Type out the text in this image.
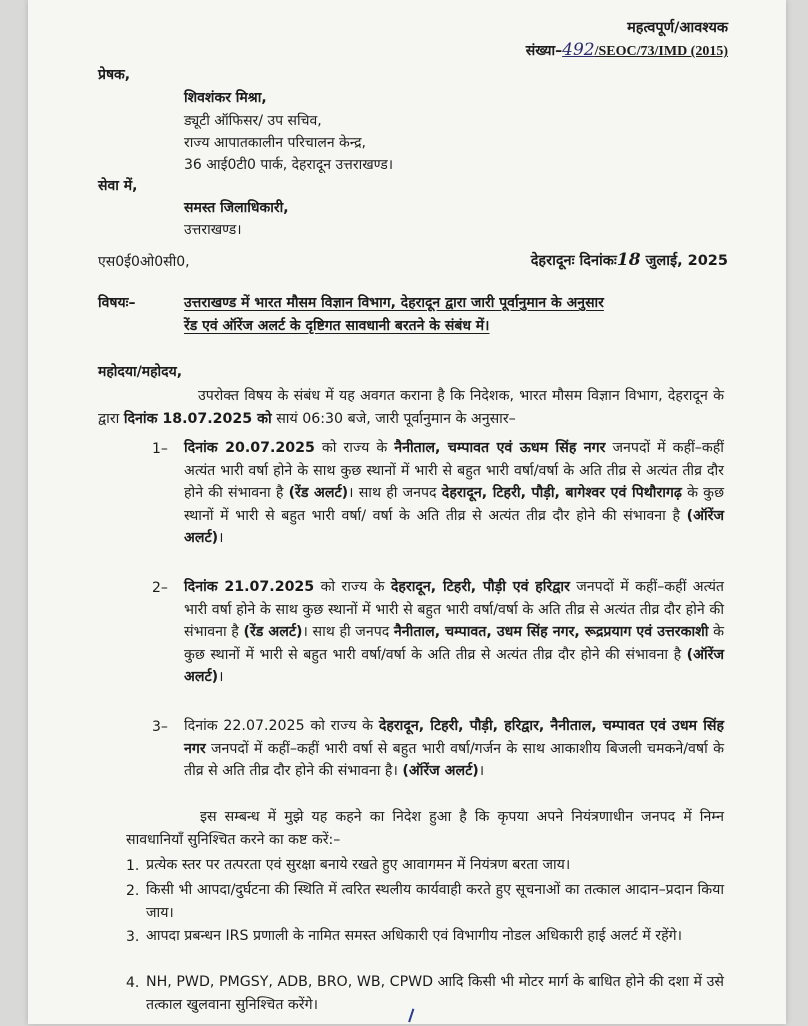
महत्वपूर्ण/आवश्यक
संख्या–492/SEOC/73/IMD (2015)
प्रेषक,
शिवशंकर मिश्रा,
ड्यूटी ऑफिसर/ उप सचिव,
राज्य आपातकालीन परिचालन केन्द्र,
36 आई0टी0 पार्क, देहरादून उत्तराखण्ड।
सेवा में,
समस्त जिलाधिकारी,
उत्तराखण्ड।
एस0ई0ओ0सी0,	देहरादूनः दिनांकः18 जुलाई, 2025
विषयः–	उत्तराखण्ड में भारत मौसम विज्ञान विभाग, देहरादून द्वारा जारी पूर्वानुमान के अनुसार
रेंड एवं ऑरेंज अलर्ट के दृष्टिगत सावधानी बरतने के संबंध में।
महोदया/महोदय,
उपरोक्त विषय के संबंध में यह अवगत कराना है कि निदेशक, भारत मौसम विज्ञान विभाग, देहरादून के द्वारा दिनांक 18.07.2025 को सायं 06:30 बजे, जारी पूर्वानुमान के अनुसार–
1– दिनांक 20.07.2025 को राज्य के नैनीताल, चम्पावत एवं ऊधम सिंह नगर जनपदों में कहीं–कहीं अत्यंत भारी वर्षा होने के साथ कुछ स्थानों में भारी से बहुत भारी वर्षा/वर्षा के अति तीव्र से अत्यंत तीव्र दौर होने की संभावना है (रेंड अलर्ट)। साथ ही जनपद देहरादून, टिहरी, पौड़ी, बागेश्वर एवं पिथौरागढ़ के कुछ स्थानों में भारी से बहुत भारी वर्षा/ वर्षा के अति तीव्र से अत्यंत तीव्र दौर होने की संभावना है (ऑरेंज अलर्ट)।
2– दिनांक 21.07.2025 को राज्य के देहरादून, टिहरी, पौड़ी एवं हरिद्वार जनपदों में कहीं–कहीं अत्यंत भारी वर्षा होने के साथ कुछ स्थानों में भारी से बहुत भारी वर्षा/वर्षा के अति तीव्र से अत्यंत तीव्र दौर होने की संभावना है (रेंड अलर्ट)। साथ ही जनपद नैनीताल, चम्पावत, उधम सिंह नगर, रूद्रप्रयाग एवं उत्तरकाशी के कुछ स्थानों में भारी से बहुत भारी वर्षा/वर्षा के अति तीव्र से अत्यंत तीव्र दौर होने की संभावना है (ऑरेंज अलर्ट)।
3– दिनांक 22.07.2025 को राज्य के देहरादून, टिहरी, पौड़ी, हरिद्वार, नैनीताल, चम्पावत एवं उधम सिंह नगर जनपदों में कहीं–कहीं भारी वर्षा से बहुत भारी वर्षा/गर्जन के साथ आकाशीय बिजली चमकने/वर्षा के तीव्र से अति तीव्र दौर होने की संभावना है। (ऑरेंज अलर्ट)।
इस सम्बन्ध में मुझे यह कहने का निदेश हुआ है कि कृपया अपने नियंत्रणाधीन जनपद में निम्न सावधानियाँ सुनिश्चित करने का कष्ट करें:–
1. प्रत्येक स्तर पर तत्परता एवं सुरक्षा बनाये रखते हुए आवागमन में नियंत्रण बरता जाय।
2. किसी भी आपदा/दुर्घटना की स्थिति में त्वरित स्थलीय कार्यवाही करते हुए सूचनाओं का तत्काल आदान–प्रदान किया जाय।
3. आपदा प्रबन्धन IRS प्रणाली के नामित समस्त अधिकारी एवं विभागीय नोडल अधिकारी हाई अलर्ट में रहेंगे।
4. NH, PWD, PMGSY, ADB, BRO, WB, CPWD आदि किसी भी मोटर मार्ग के बाधित होने की दशा में उसे तत्काल खुलवाना सुनिश्चित करेंगे।
